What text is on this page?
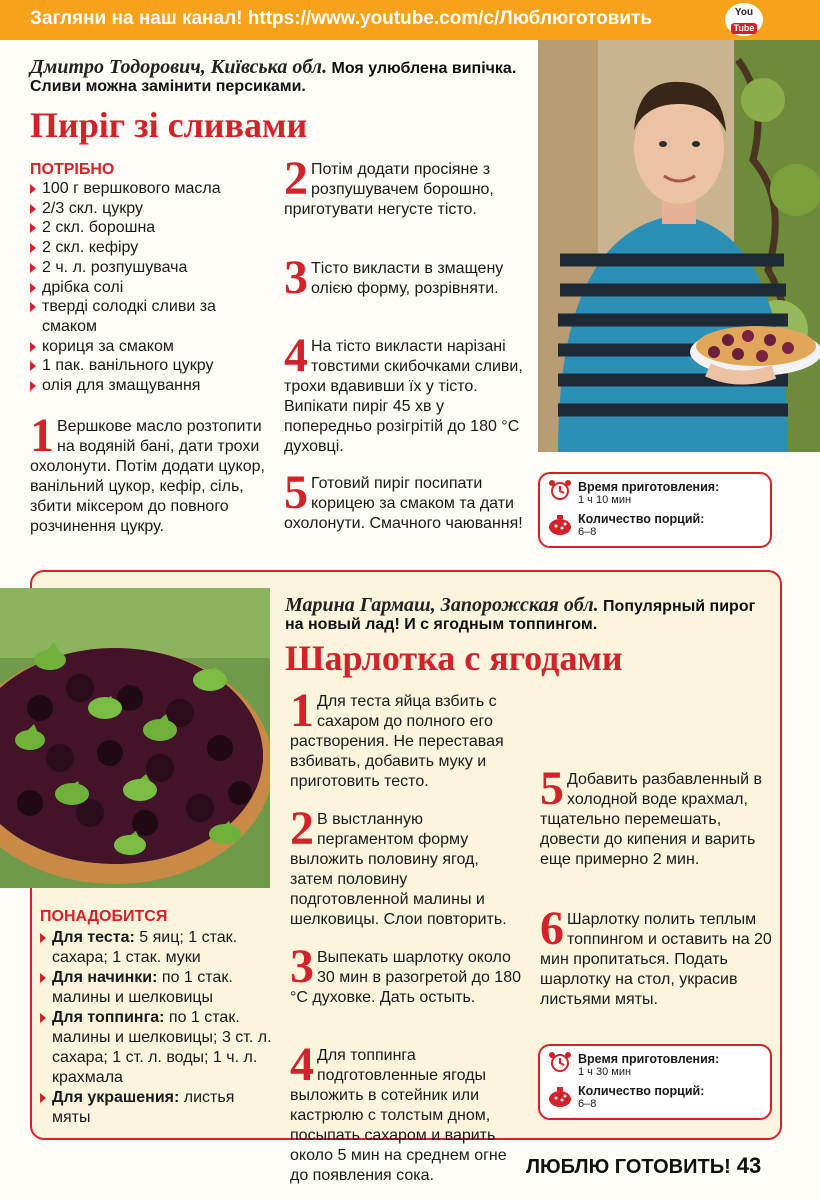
Загляни на наш канал! https://www.youtube.com/c/Люблюготовить	You
Tube
Дмитро Тодорович, Київська обл. Моя улюблена випічка. Сливи можна замінити персиками.
Пиріг зі сливами
ПОТРІБНО
100 г вершкового масла
2/3 скл. цукру
2 скл. борошна
2 скл. кефіру
2 ч. л. розпушувача
дрібка солі
тверді солодкі сливи за смаком
кориця за смаком
1 пак. ванільного цукру
олія для змащування
1 Вершкове масло розтопити на водяній бані, дати трохи охолонути. Потім додати цукор, ванільний цукор, кефір, сіль, збити міксером до повного розчинення цукру.
2 Потім додати просіяне з розпушувачем борошно, приготувати негусте тісто.
3 Тісто викласти в змащену олією форму, розрівняти.
4 На тісто викласти нарізані товстими скибочками сливи, трохи вдавивши їх у тісто. Випікати пиріг 45 хв у попередньо розігрітій до 180 °С духовці.
5 Готовий пиріг посипати корицею за смаком та дати охолонути. Смачного чаювання!
Время приготовления:
1 ч 10 мин
Количество порций:
6–8
Марина Гармаш, Запорожская обл. Популярный пирог на новый лад! И с ягодным топпингом.
Шарлотка с ягодами
ПОНАДОБИТСЯ
Для теста: 5 яиц; 1 стак. сахара; 1 стак. муки
Для начинки: по 1 стак. малины и шелковицы
Для топпинга: по 1 стак. малины и шелковицы; 3 ст. л. сахара; 1 ст. л. воды; 1 ч. л. крахмала
Для украшения: листья мяты
1 Для теста яйца взбить с сахаром до полного его растворения. Не переставая взбивать, добавить муку и приготовить тесто.
2 В выстланную пергаментом форму выложить половину ягод, затем половину подготовленной малины и шелковицы. Слои повторить.
3 Выпекать шарлотку около 30 мин в разогретой до 180 °С духовке. Дать остыть.
4 Для топпинга подготовленные ягоды выложить в сотейник или кастрюлю с толстым дном, посыпать сахаром и варить около 5 мин на среднем огне до появления сока.
5 Добавить разбавленный в холодной воде крахмал, тщательно перемешать, довести до кипения и варить еще примерно 2 мин.
6 Шарлотку полить теплым топпингом и оставить на 20 мин пропитаться. Подать шарлотку на стол, украсив листьями мяты.
Время приготовления:
1 ч 30 мин
Количество порций:
6–8
ЛЮБЛЮ ГОТОВИТЬ! 43
